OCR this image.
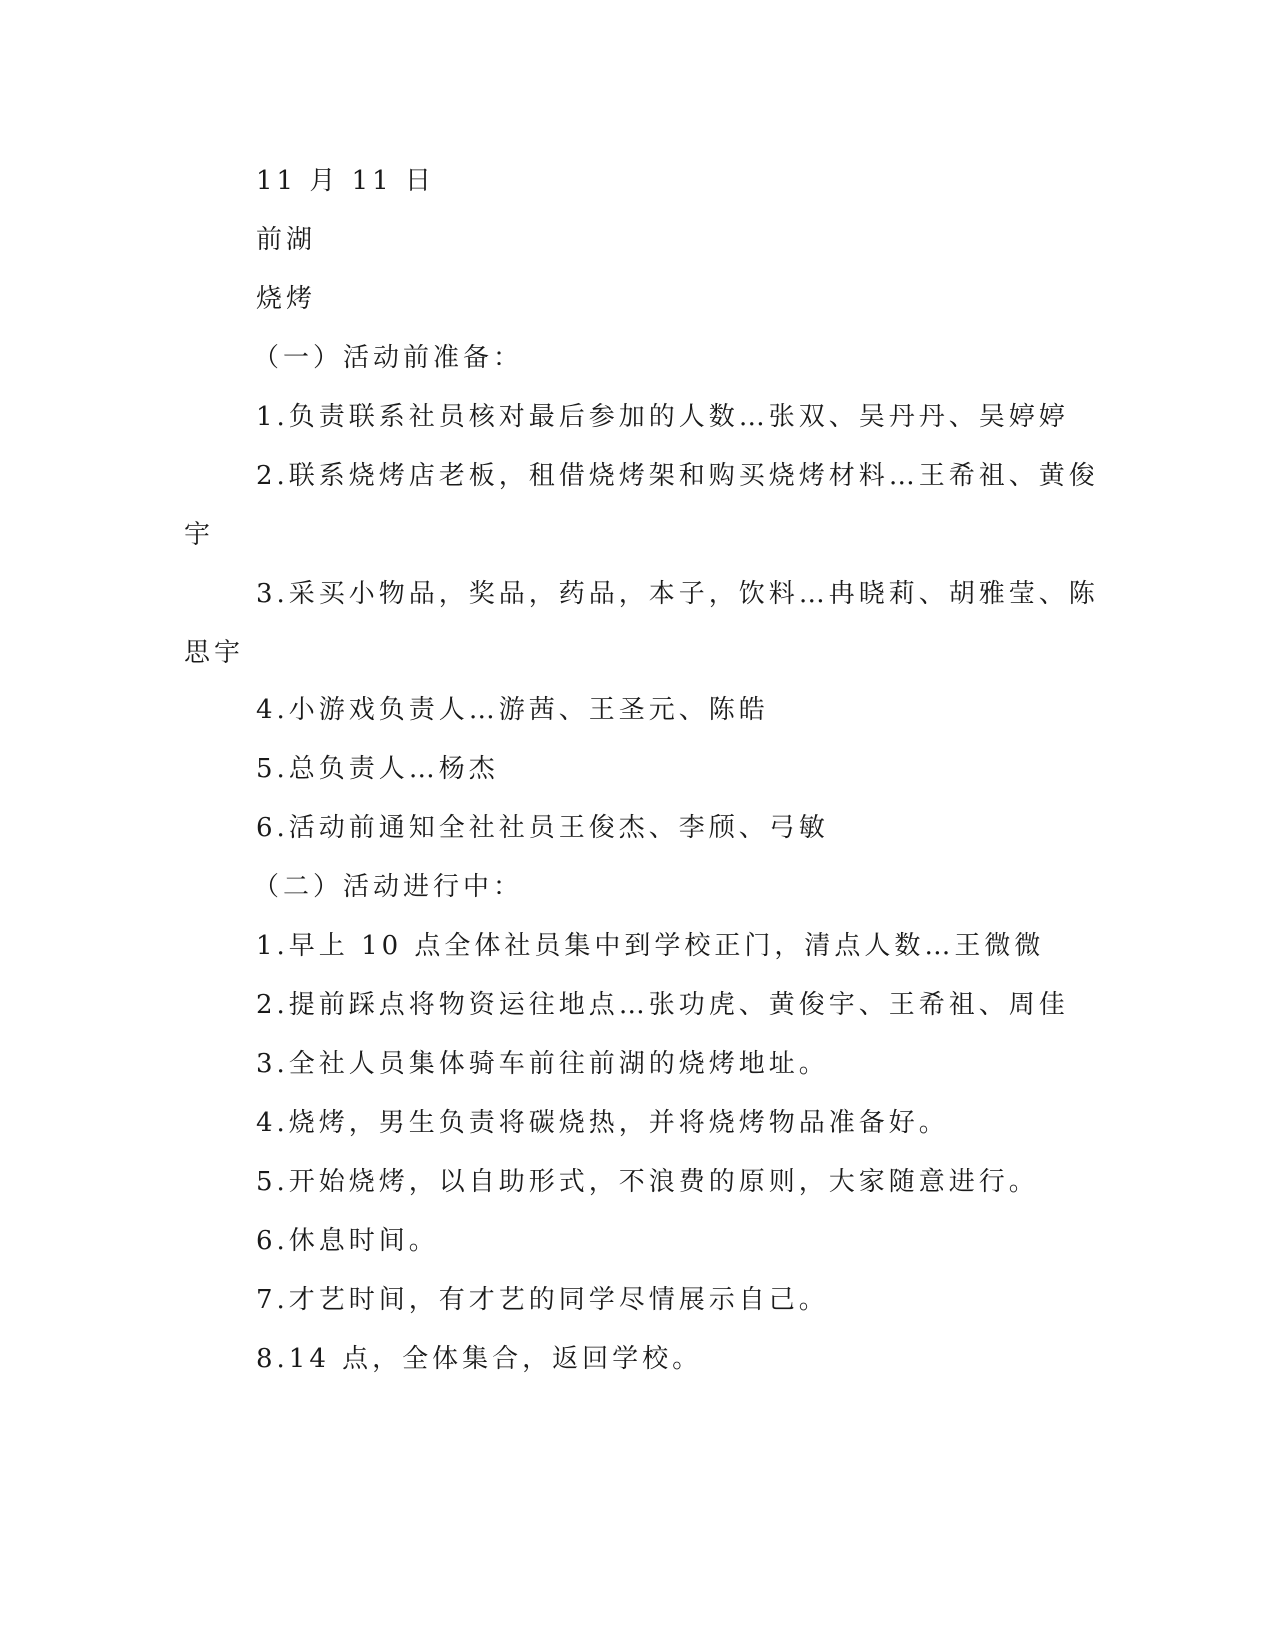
11 月 11 日
前湖
烧烤
（一）活动前准备：
1.负责联系社员核对最后参加的人数…张双、吴丹丹、吴婷婷
2.联系烧烤店老板，租借烧烤架和购买烧烤材料…王希祖、黄俊
宇
3.采买小物品，奖品，药品，本子，饮料…冉晓莉、胡雅莹、陈
思宇
4.小游戏负责人…游茜、王圣元、陈皓
5.总负责人…杨杰
6.活动前通知全社社员王俊杰、李颀、弓敏
（二）活动进行中：
1.早上 10 点全体社员集中到学校正门，清点人数…王微微
2.提前踩点将物资运往地点…张功虎、黄俊宇、王希祖、周佳
3.全社人员集体骑车前往前湖的烧烤地址。
4.烧烤，男生负责将碳烧热，并将烧烤物品准备好。
5.开始烧烤，以自助形式，不浪费的原则，大家随意进行。
6.休息时间。
7.才艺时间，有才艺的同学尽情展示自己。
8.14 点，全体集合，返回学校。
